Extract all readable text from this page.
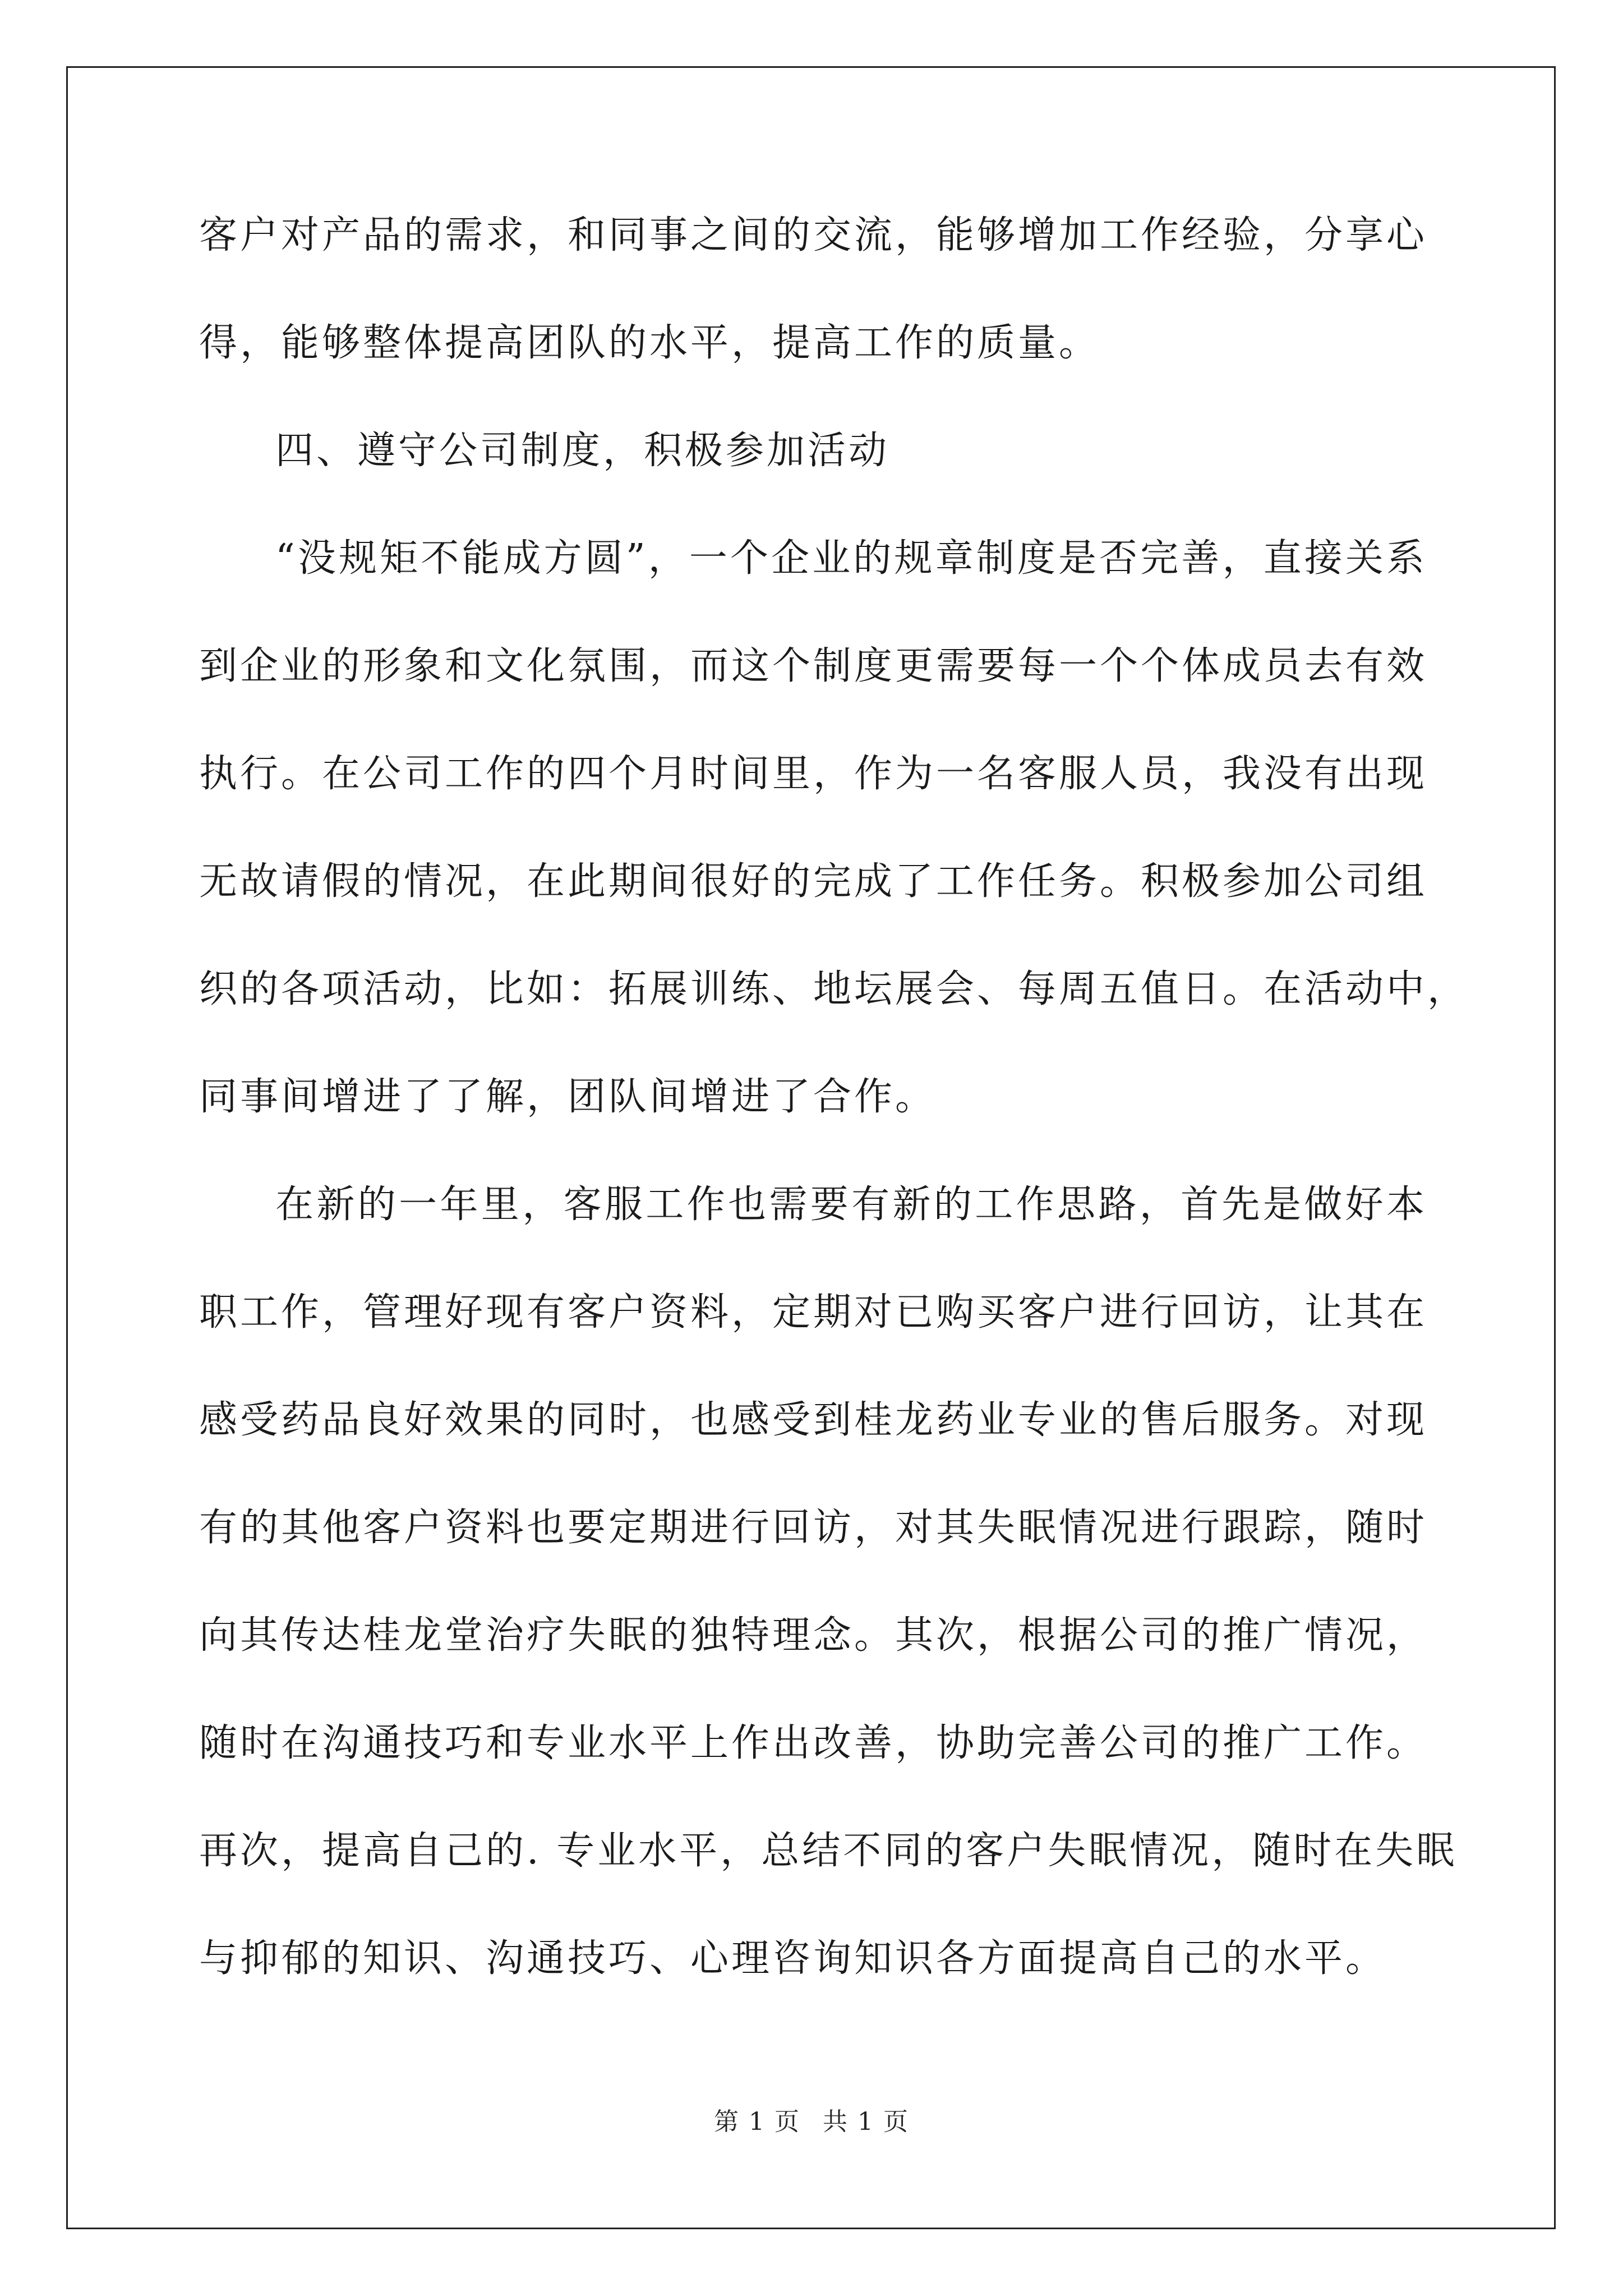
客户对产品的需求，和同事之间的交流，能够增加工作经验，分享心
得，能够整体提高团队的水平，提高工作的质量。
四、遵守公司制度，积极参加活动
“没规矩不能成方圆”，一个企业的规章制度是否完善，直接关系
到企业的形象和文化氛围，而这个制度更需要每一个个体成员去有效
执行。在公司工作的四个月时间里，作为一名客服人员，我没有出现
无故请假的情况，在此期间很好的完成了工作任务。积极参加公司组
织的各项活动，比如：拓展训练、地坛展会、每周五值日。在活动中，
同事间增进了了解，团队间增进了合作。
在新的一年里，客服工作也需要有新的工作思路，首先是做好本
职工作，管理好现有客户资料，定期对已购买客户进行回访，让其在
感受药品良好效果的同时，也感受到桂龙药业专业的售后服务。对现
有的其他客户资料也要定期进行回访，对其失眠情况进行跟踪，随时
向其传达桂龙堂治疗失眠的独特理念。其次，根据公司的推广情况，
随时在沟通技巧和专业水平上作出改善，协助完善公司的推广工作。
再次，提高自己的. 专业水平，总结不同的客户失眠情况，随时在失眠
与抑郁的知识、沟通技巧、心理咨询知识各方面提高自己的水平。
第 1 页 共 1 页
